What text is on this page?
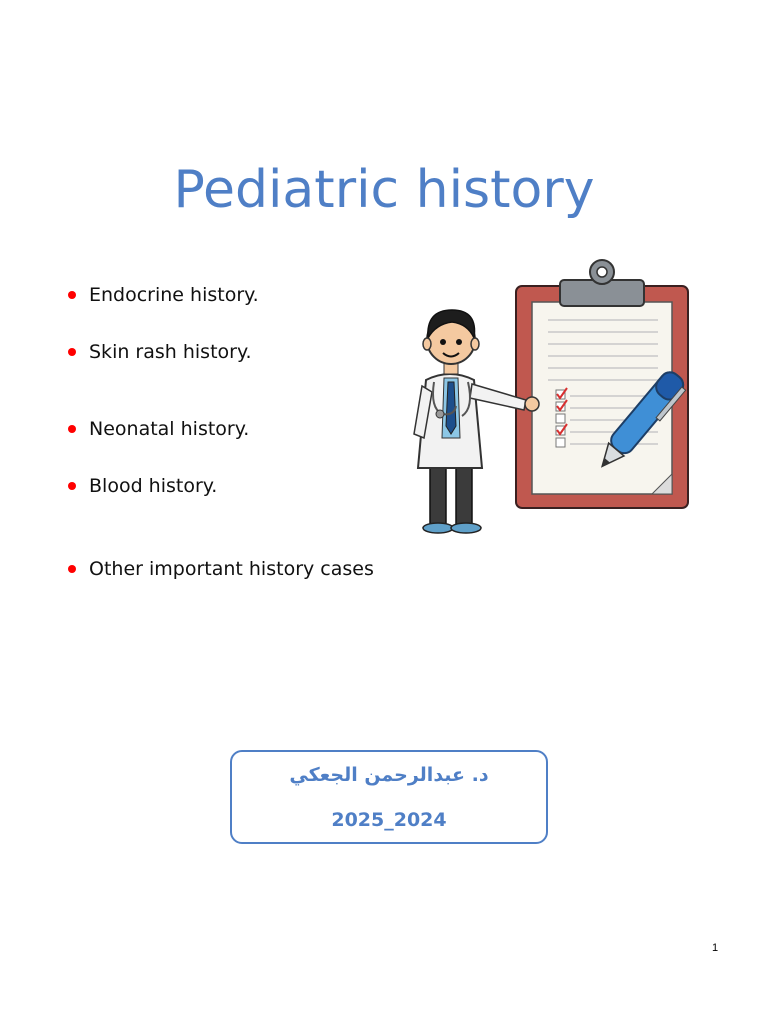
Pediatric history
Endocrine history.
Skin rash history.
Neonatal history.
Blood history.
Other important history cases
د. عبدالرحمن الجعكي
2025_2024
1
